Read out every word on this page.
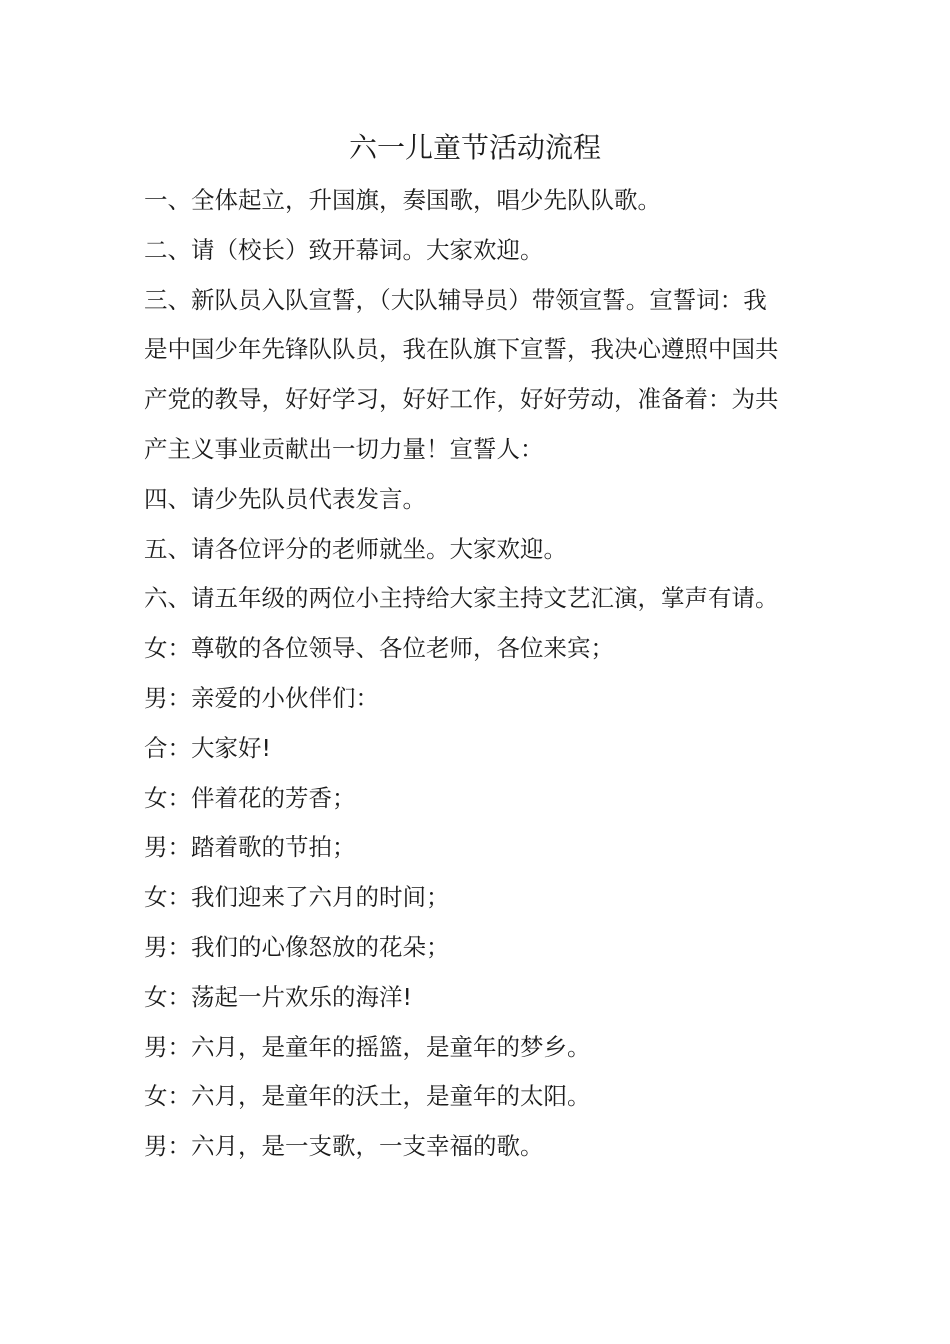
六一儿童节活动流程
一、全体起立，升国旗，奏国歌，唱少先队队歌。
二、请（校长）致开幕词。大家欢迎。
三、新队员入队宣誓，（大队辅导员）带领宣誓。宣誓词：我
是中国少年先锋队队员，我在队旗下宣誓，我决心遵照中国共
产党的教导，好好学习，好好工作，好好劳动，准备着：为共
产主义事业贡献出一切力量！宣誓人：
四、请少先队员代表发言。
五、请各位评分的老师就坐。大家欢迎。
六、请五年级的两位小主持给大家主持文艺汇演，掌声有请。
女：尊敬的各位领导、各位老师，各位来宾；
男：亲爱的小伙伴们：
合：大家好!
女：伴着花的芳香；
男：踏着歌的节拍；
女：我们迎来了六月的时间；
男：我们的心像怒放的花朵；
女：荡起一片欢乐的海洋!
男：六月，是童年的摇篮，是童年的梦乡。
女：六月，是童年的沃土，是童年的太阳。
男：六月，是一支歌，一支幸福的歌。
